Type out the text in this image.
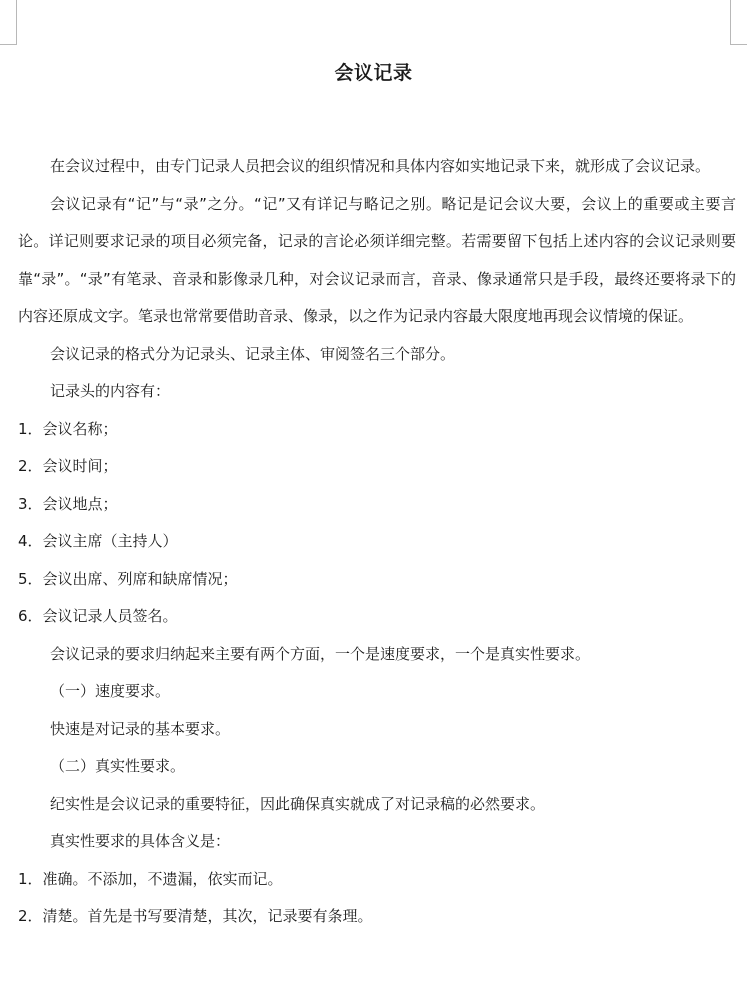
会议记录

在会议过程中，由专门记录人员把会议的组织情况和具体内容如实地记录下来，就形成了会议记录。

会议记录有“记”与“录”之分。“记”又有详记与略记之别。略记是记会议大要，会议上的重要或主要言论。详记则要求记录的项目必须完备，记录的言论必须详细完整。若需要留下包括上述内容的会议记录则要靠“录”。“录”有笔录、音录和影像录几种，对会议记录而言，音录、像录通常只是手段，最终还要将录下的内容还原成文字。笔录也常常要借助音录、像录，以之作为记录内容最大限度地再现会议情境的保证。

会议记录的格式分为记录头、记录主体、审阅签名三个部分。

记录头的内容有：

1．会议名称；

2．会议时间；

3．会议地点；

4．会议主席（主持人）

5．会议出席、列席和缺席情况；

6．会议记录人员签名。

会议记录的要求归纳起来主要有两个方面，一个是速度要求，一个是真实性要求。

（一）速度要求。

快速是对记录的基本要求。

（二）真实性要求。

纪实性是会议记录的重要特征，因此确保真实就成了对记录稿的必然要求。

真实性要求的具体含义是：

1．准确。不添加，不遗漏，依实而记。

2．清楚。首先是书写要清楚，其次，记录要有条理。
